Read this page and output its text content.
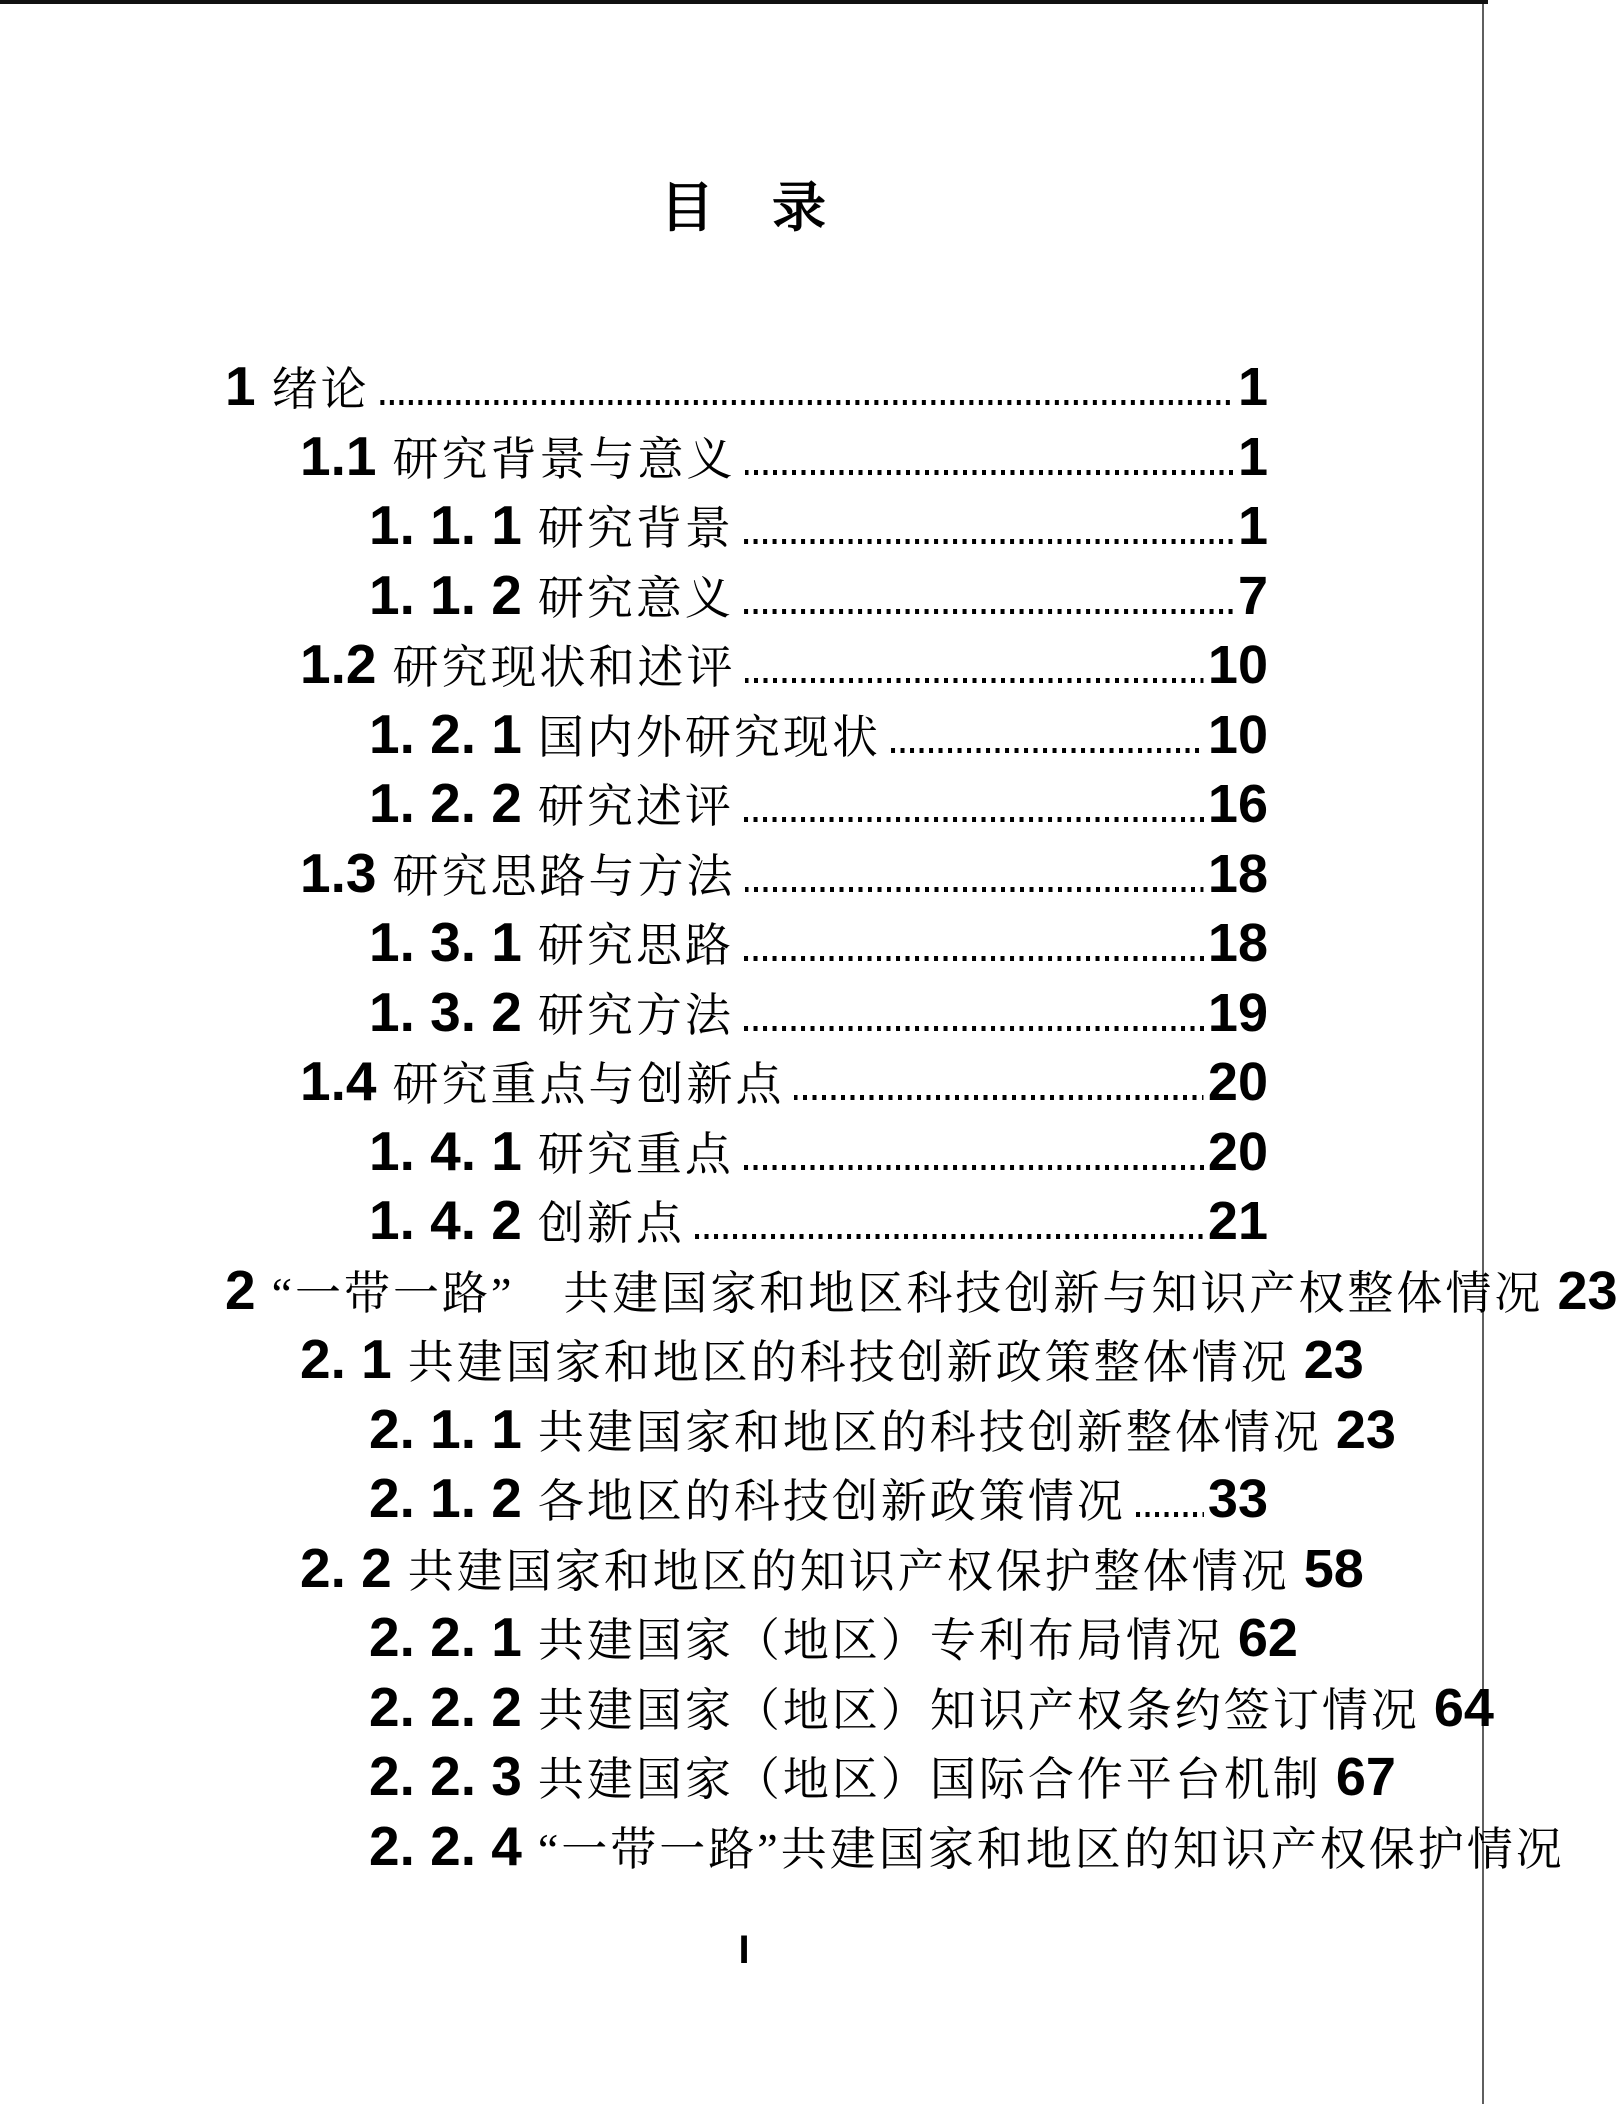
目　录
1 绪论	1
1.1 研究背景与意义	1
1. 1. 1 研究背景	1
1. 1. 2 研究意义	7
1.2 研究现状和述评	10
1. 2. 1 国内外研究现状	10
1. 2. 2 研究述评	16
1.3 研究思路与方法	18
1. 3. 1 研究思路	18
1. 3. 2 研究方法	19
1.4 研究重点与创新点	20
1. 4. 1 研究重点	20
1. 4. 2 创新点	21
2 “一带一路”　共建国家和地区科技创新与知识产权整体情况 23
2. 1 共建国家和地区的科技创新政策整体情况 23
2. 1. 1 共建国家和地区的科技创新整体情况 23
2. 1. 2 各地区的科技创新政策情况 33
2. 2 共建国家和地区的知识产权保护整体情况 58
2. 2. 1 共建国家（地区）专利布局情况 62
2. 2. 2 共建国家（地区）知识产权条约签订情况 64
2. 2. 3 共建国家（地区）国际合作平台机制 67
2. 2. 4 “一带一路”共建国家和地区的知识产权保护情况
I
